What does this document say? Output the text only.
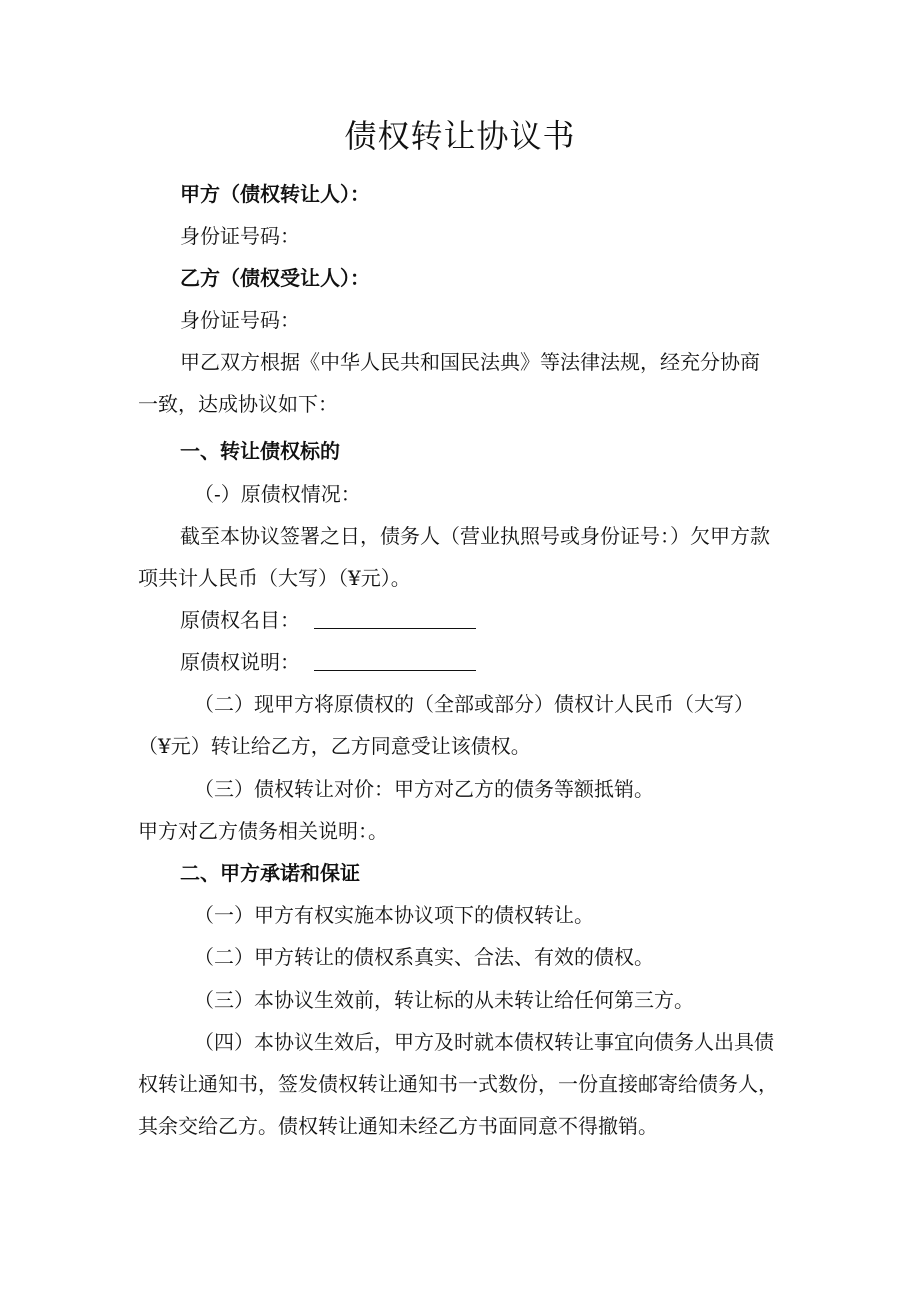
债权转让协议书
甲方（债权转让人）：
身份证号码：
乙方（债权受让人）：
身份证号码：
甲乙双方根据《中华人民共和国民法典》等法律法规，经充分协商一致，达成协议如下：
一、转让债权标的
（-）原债权情况：
截至本协议签署之日，债务人（营业执照号或身份证号：）欠甲方款项共计人民币（大写）（¥元）。
原债权名目：
原债权说明：
（二）现甲方将原债权的（全部或部分）债权计人民币（大写）（¥元）转让给乙方，乙方同意受让该债权。
（三）债权转让对价：甲方对乙方的债务等额抵销。
甲方对乙方债务相关说明：。
二、甲方承诺和保证
（一）甲方有权实施本协议项下的债权转让。
（二）甲方转让的债权系真实、合法、有效的债权。
（三）本协议生效前，转让标的从未转让给任何第三方。
（四）本协议生效后，甲方及时就本债权转让事宜向债务人出具债权转让通知书，签发债权转让通知书一式数份，一份直接邮寄给债务人，其余交给乙方。债权转让通知未经乙方书面同意不得撤销。
